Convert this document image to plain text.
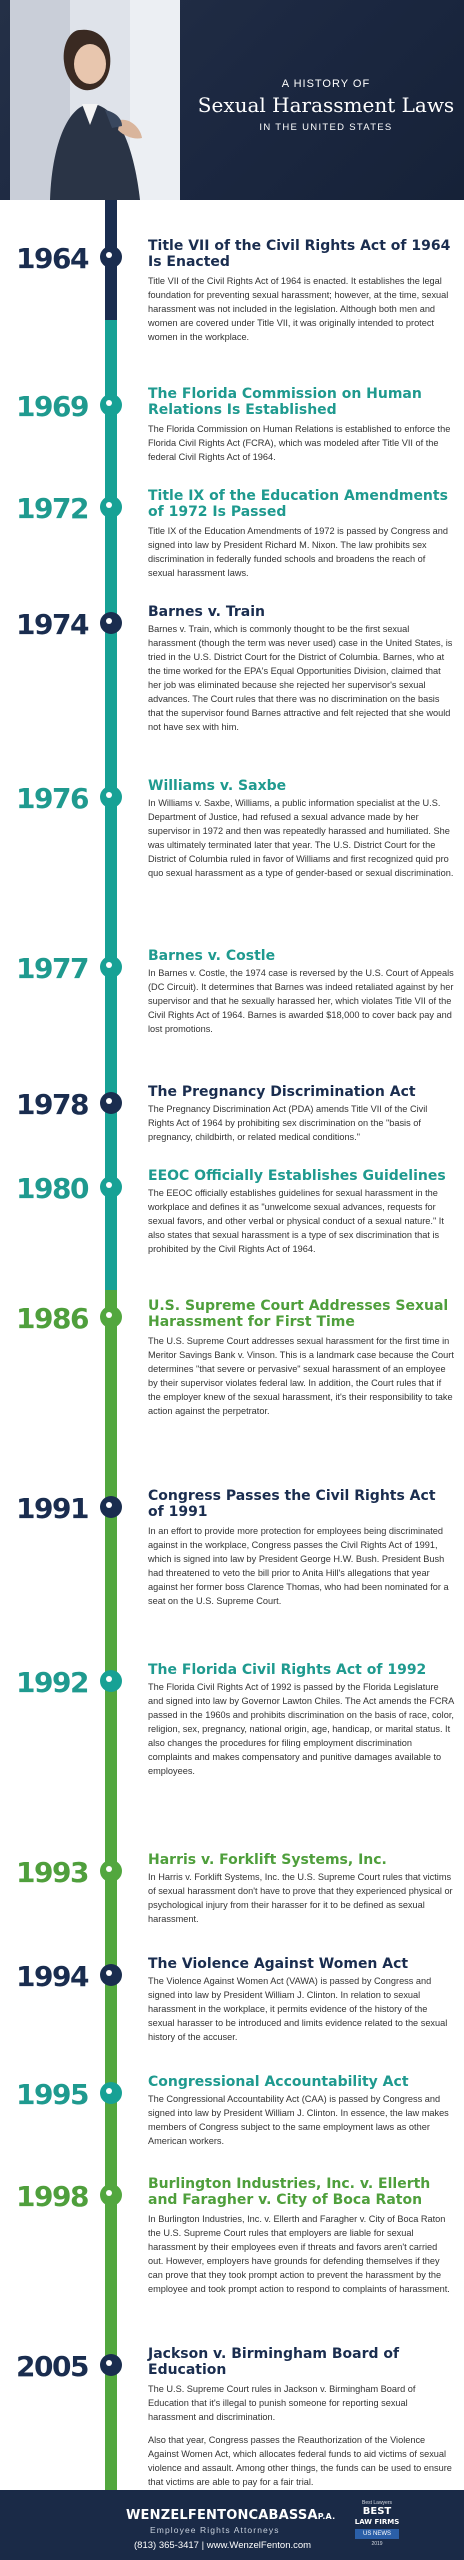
A HISTORY OF
Sexual Harassment Laws
IN THE UNITED STATES
1964	Title VII of the Civil Rights Act of 1964 Is Enacted

Title VII of the Civil Rights Act of 1964 is enacted. It establishes the legal foundation for preventing sexual harassment; however, at the time, sexual harassment was not included in the legislation. Although both men and women are covered under Title VII, it was originally intended to protect women in the workplace.

1969	The Florida Commission on Human Relations Is Established

The Florida Commission on Human Relations is established to enforce the Florida Civil Rights Act (FCRA), which was modeled after Title VII of the federal Civil Rights Act of 1964.

1972	Title IX of the Education Amendments of 1972 Is Passed

Title IX of the Education Amendments of 1972 is passed by Congress and signed into law by President Richard M. Nixon. The law prohibits sex discrimination in federally funded schools and broadens the reach of sexual harassment laws.

1974	Barnes v. Train

Barnes v. Train, which is commonly thought to be the first sexual harassment (though the term was never used) case in the United States, is tried in the U.S. District Court for the District of Columbia. Barnes, who at the time worked for the EPA's Equal Opportunities Division, claimed that her job was eliminated because she rejected her supervisor's sexual advances. The Court rules that there was no discrimination on the basis that the supervisor found Barnes attractive and felt rejected that she would not have sex with him.

1976	Williams v. Saxbe

In Williams v. Saxbe, Williams, a public information specialist at the U.S. Department of Justice, had refused a sexual advance made by her supervisor in 1972 and then was repeatedly harassed and humiliated. She was ultimately terminated later that year. The U.S. District Court for the District of Columbia ruled in favor of Williams and first recognized quid pro quo sexual harassment as a type of gender-based or sexual discrimination.

1977	Barnes v. Costle

In Barnes v. Costle, the 1974 case is reversed by the U.S. Court of Appeals (DC Circuit). It determines that Barnes was indeed retaliated against by her supervisor and that he sexually harassed her, which violates Title VII of the Civil Rights Act of 1964. Barnes is awarded $18,000 to cover back pay and lost promotions.

1978	The Pregnancy Discrimination Act

The Pregnancy Discrimination Act (PDA) amends Title VII of the Civil Rights Act of 1964 by prohibiting sex discrimination on the "basis of pregnancy, childbirth, or related medical conditions."

1980	EEOC Officially Establishes Guidelines

The EEOC officially establishes guidelines for sexual harassment in the workplace and defines it as "unwelcome sexual advances, requests for sexual favors, and other verbal or physical conduct of a sexual nature." It also states that sexual harassment is a type of sex discrimination that is prohibited by the Civil Rights Act of 1964.

1986	U.S. Supreme Court Addresses Sexual Harassment for First Time

The U.S. Supreme Court addresses sexual harassment for the first time in Meritor Savings Bank v. Vinson. This is a landmark case because the Court determines "that severe or pervasive" sexual harassment of an employee by their supervisor violates federal law. In addition, the Court rules that if the employer knew of the sexual harassment, it's their responsibility to take action against the perpetrator.

1991	Congress Passes the Civil Rights Act of 1991

In an effort to provide more protection for employees being discriminated against in the workplace, Congress passes the Civil Rights Act of 1991, which is signed into law by President George H.W. Bush. President Bush had threatened to veto the bill prior to Anita Hill's allegations that year against her former boss Clarence Thomas, who had been nominated for a seat on the U.S. Supreme Court.

1992	The Florida Civil Rights Act of 1992

The Florida Civil Rights Act of 1992 is passed by the Florida Legislature and signed into law by Governor Lawton Chiles. The Act amends the FCRA passed in the 1960s and prohibits discrimination on the basis of race, color, religion, sex, pregnancy, national origin, age, handicap, or marital status. It also changes the procedures for filing employment discrimination complaints and makes compensatory and punitive damages available to employees.

1993	Harris v. Forklift Systems, Inc.

In Harris v. Forklift Systems, Inc. the U.S. Supreme Court rules that victims of sexual harassment don't have to prove that they experienced physical or psychological injury from their harasser for it to be defined as sexual harassment.

1994	The Violence Against Women Act

The Violence Against Women Act (VAWA) is passed by Congress and signed into law by President William J. Clinton. In relation to sexual harassment in the workplace, it permits evidence of the history of the sexual harasser to be introduced and limits evidence related to the sexual history of the accuser.

1995	Congressional Accountability Act

The Congressional Accountability Act (CAA) is passed by Congress and signed into law by President William J. Clinton. In essence, the law makes members of Congress subject to the same employment laws as other American workers.

1998	Burlington Industries, Inc. v. Ellerth and Faragher v. City of Boca Raton

In Burlington Industries, Inc. v. Ellerth and Faragher v. City of Boca Raton the U.S. Supreme Court rules that employers are liable for sexual harassment by their employees even if threats and favors aren't carried out. However, employers have grounds for defending themselves if they can prove that they took prompt action to prevent the harassment by the employee and took prompt action to respond to complaints of harassment.

2005	Jackson v. Birmingham Board of Education

The U.S. Supreme Court rules in Jackson v. Birmingham Board of Education that it's illegal to punish someone for reporting sexual harassment and discrimination.

Also that year, Congress passes the Reauthorization of the Violence Against Women Act, which allocates federal funds to aid victims of sexual violence and assault. Among other things, the funds can be used to ensure that victims are able to pay for a fair trial.

WENZELFENTONCABASSAP.A.
Employee Rights Attorneys
(813) 365-3417 | www.WenzelFenton.com
Best Lawyers
BEST
LAW FIRMS
US NEWS
2019
